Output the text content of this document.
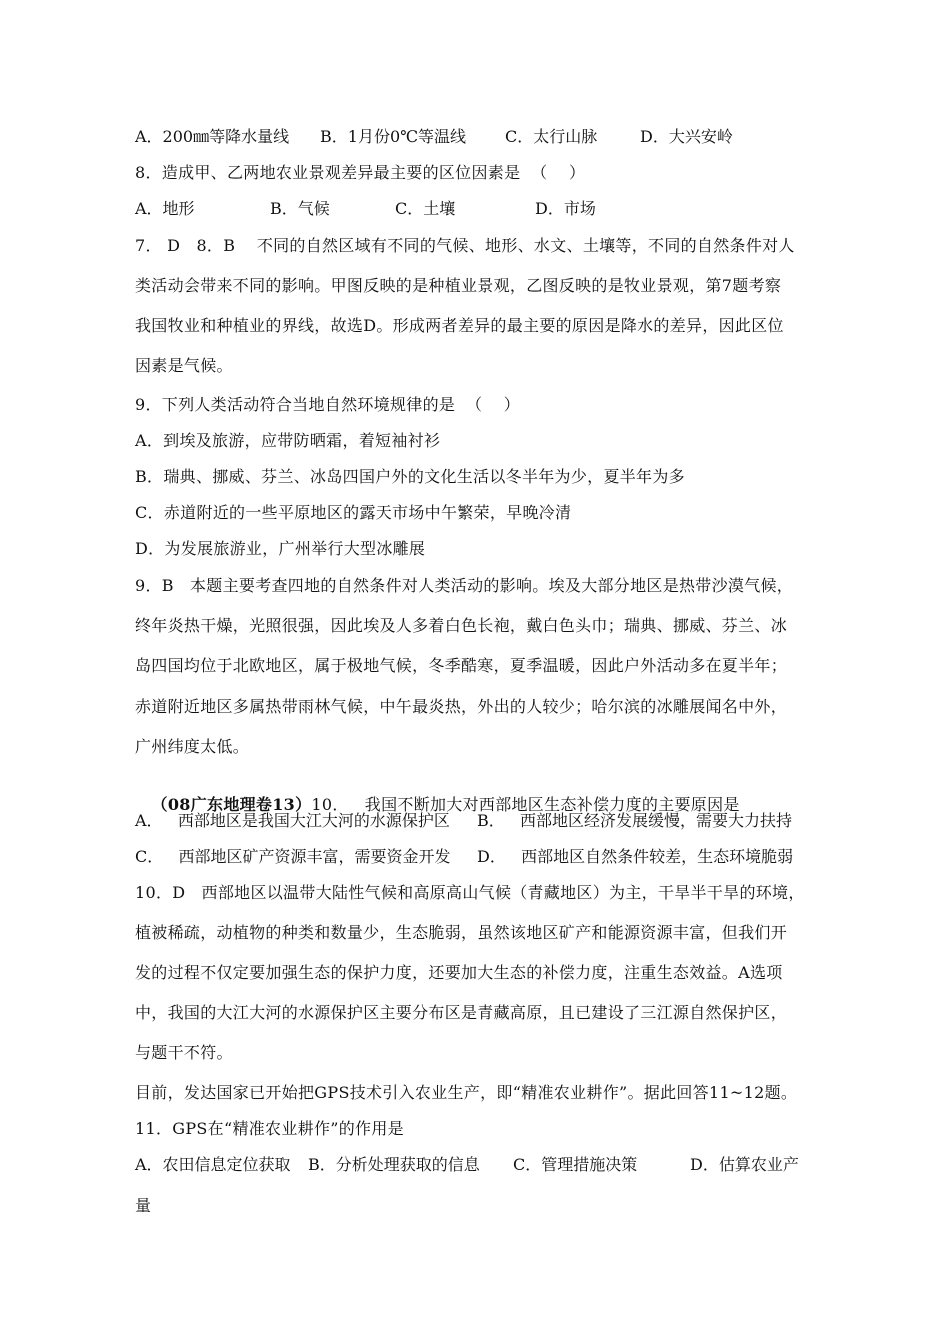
A．200㎜等降水量线

B．1月份0℃等温线

C．太行山脉

	D．大兴安岭

8．造成甲、乙两地农业景观差异最主要的区位因素是  （    ）

A．地形

	B．气候

	C．土壤

	D．市场

7． D   8．B    不同的自然区域有不同的气候、地形、水文、土壤等，不同的自然条件对人
类活动会带来不同的影响。甲图反映的是种植业景观，乙图反映的是牧业景观，第7题考察
我国牧业和种植业的界线，故选D。形成两者差异的最主要的原因是降水的差异，因此区位
因素是气候。
9．下列人类活动符合当地自然环境规律的是  （    ）
A．到埃及旅游，应带防晒霜，着短袖衬衫
B．瑞典、挪威、芬兰、冰岛四国户外的文化生活以冬半年为少，夏半年为多
C．赤道附近的一些平原地区的露天市场中午繁荣，早晚冷清
D．为发展旅游业，广州举行大型冰雕展
9．B   本题主要考查四地的自然条件对人类活动的影响。埃及大部分地区是热带沙漠气候，
终年炎热干燥，光照很强，因此埃及人多着白色长袍，戴白色头巾；瑞典、挪威、芬兰、冰
岛四国均位于北欧地区，属于极地气候，冬季酷寒，夏季温暖，因此户外活动多在夏半年；
赤道附近地区多属热带雨林气候，中午最炎热，外出的人较少；哈尔滨的冰雕展闻名中外，
广州纬度太低。

（08广东地理卷13）10．   我国不断加大对西部地区生态补偿力度的主要原因是

A．   西部地区是我国大江大河的水源保护区

B．   西部地区经济发展缓慢，需要大力扶持

C．   西部地区矿产资源丰富，需要资金开发

D．   西部地区自然条件较差，生态环境脆弱

10．D   西部地区以温带大陆性气候和高原高山气候（青藏地区）为主，干旱半干旱的环境，
植被稀疏，动植物的种类和数量少，生态脆弱，虽然该地区矿产和能源资源丰富，但我们开
发的过程不仅定要加强生态的保护力度，还要加大生态的补偿力度，注重生态效益。A选项
中，我国的大江大河的水源保护区主要分布区是青藏高原，且已建设了三江源自然保护区，
与题干不符。
目前，发达国家已开始把GPS技术引入农业生产，即“精准农业耕作”。据此回答11~12题。
11．GPS在“精准农业耕作”的作用是

A．农田信息定位获取

B．分析处理获取的信息

C．管理措施决策

	D．估算农业产

量
